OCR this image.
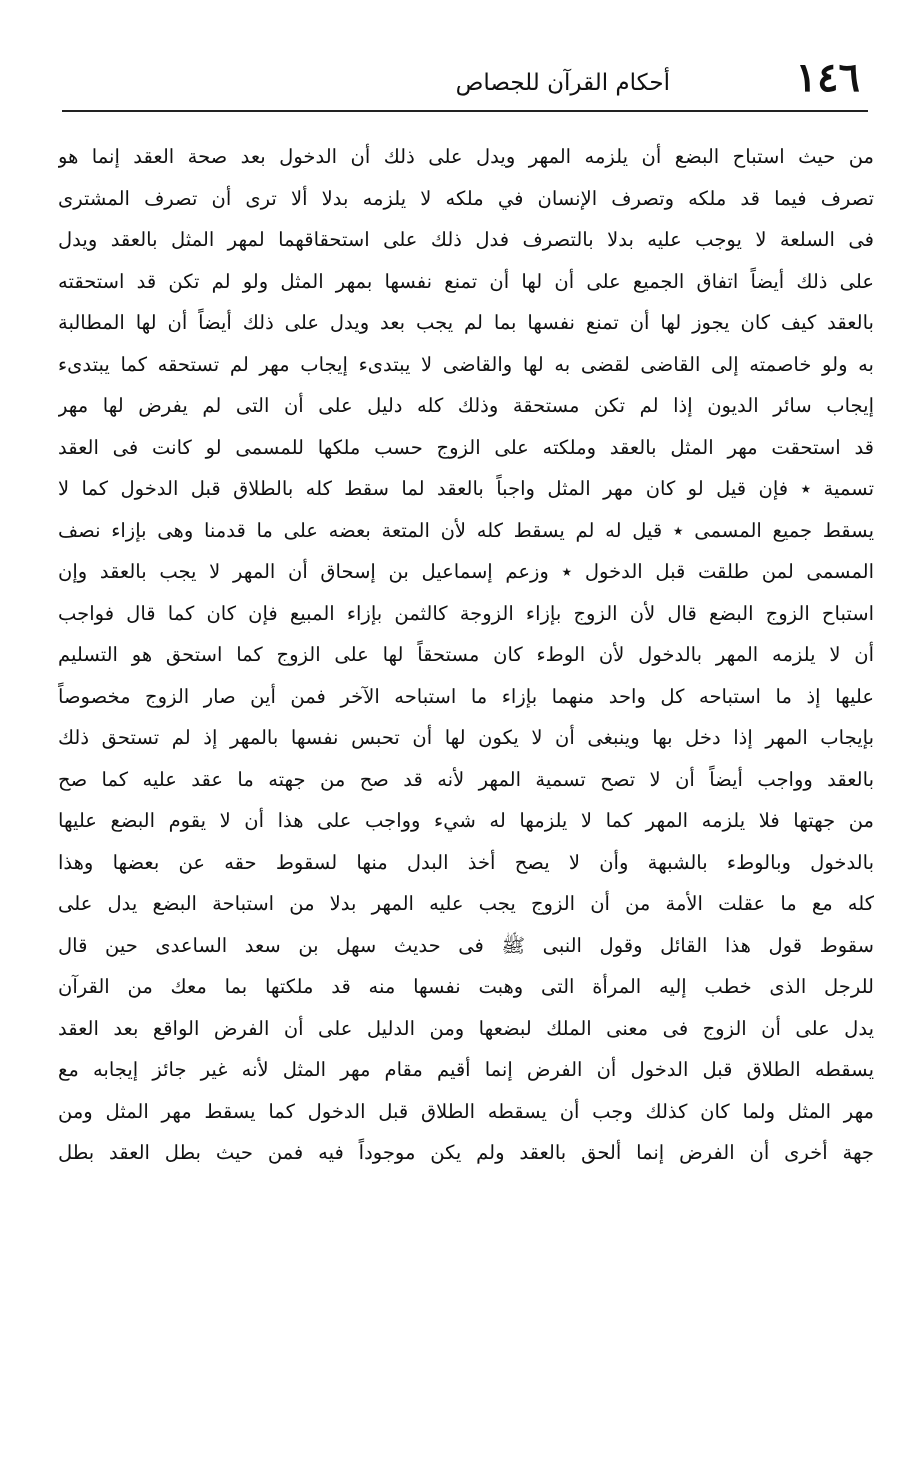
١٤٦
أحكام القرآن للجصاص
من حيث استباح البضع أن يلزمه المهر ويدل على ذلك أن الدخول بعد صحة العقد إنما هو
تصرف فيما قد ملكه وتصرف الإنسان في ملكه لا يلزمه بدلا ألا ترى أن تصرف المشترى
فى السلعة لا يوجب عليه بدلا بالتصرف فدل ذلك على استحقاقهما لمهر المثل بالعقد ويدل
على ذلك أيضاً اتفاق الجميع على أن لها أن تمنع نفسها بمهر المثل ولو لم تكن قد استحقته
بالعقد كيف كان يجوز لها أن تمنع نفسها بما لم يجب بعد ويدل على ذلك أيضاً أن لها المطالبة
به ولو خاصمته إلى القاضى لقضى به لها والقاضى لا يبتدىء إيجاب مهر لم تستحقه كما يبتدىء
إيجاب سائر الديون إذا لم تكن مستحقة وذلك كله دليل على أن التى لم يفرض لها مهر
قد استحقت مهر المثل بالعقد وملكته على الزوج حسب ملكها للمسمى لو كانت فى العقد
تسمية ٭ فإن قيل لو كان مهر المثل واجباً بالعقد لما سقط كله بالطلاق قبل الدخول كما لا
يسقط جميع المسمى ٭ قيل له لم يسقط كله لأن المتعة بعضه على ما قدمنا وهى بإزاء نصف
المسمى لمن طلقت قبل الدخول ٭ وزعم إسماعيل بن إسحاق أن المهر لا يجب بالعقد وإن
استباح الزوج البضع قال لأن الزوج بإزاء الزوجة كالثمن بإزاء المبيع فإن كان كما قال فواجب
أن لا يلزمه المهر بالدخول لأن الوطء كان مستحقاً لها على الزوج كما استحق هو التسليم
عليها إذ ما استباحه كل واحد منهما بإزاء ما استباحه الآخر فمن أين صار الزوج مخصوصاً
بإيجاب المهر إذا دخل بها وينبغى أن لا يكون لها أن تحبس نفسها بالمهر إذ لم تستحق ذلك
بالعقد وواجب أيضاً أن لا تصح تسمية المهر لأنه قد صح من جهته ما عقد عليه كما صح
من جهتها فلا يلزمه المهر كما لا يلزمها له شيء وواجب على هذا أن لا يقوم البضع عليها
بالدخول وبالوطء بالشبهة وأن لا يصح أخذ البدل منها لسقوط حقه عن بعضها وهذا
كله مع ما عقلت الأمة من أن الزوج يجب عليه المهر بدلا من استباحة البضع يدل على
سقوط قول هذا القائل وقول النبى ﷺ فى حديث سهل بن سعد الساعدى حين قال
للرجل الذى خطب إليه المرأة التى وهبت نفسها منه قد ملكتها بما معك من القرآن
يدل على أن الزوج فى معنى الملك لبضعها ومن الدليل على أن الفرض الواقع بعد العقد
يسقطه الطلاق قبل الدخول أن الفرض إنما أقيم مقام مهر المثل لأنه غير جائز إيجابه مع
مهر المثل ولما كان كذلك وجب أن يسقطه الطلاق قبل الدخول كما يسقط مهر المثل ومن
جهة أخرى أن الفرض إنما ألحق بالعقد ولم يكن موجوداً فيه فمن حيث بطل العقد بطل
